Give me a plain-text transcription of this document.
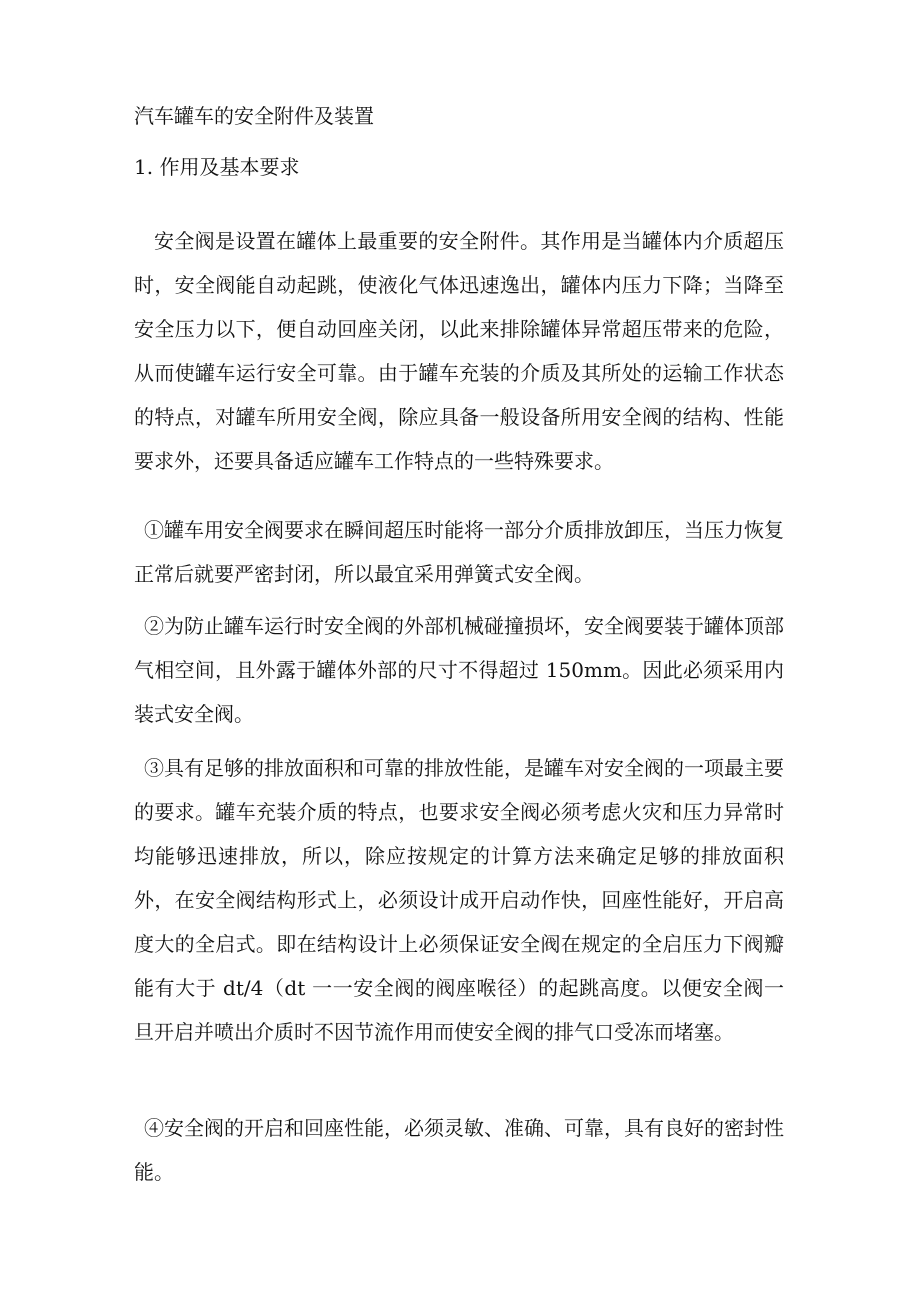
汽车罐车的安全附件及装置
1. 作用及基本要求

安全阀是设置在罐体上最重要的安全附件。其作用是当罐体内介质超压时，安全阀能自动起跳，使液化气体迅速逸出，罐体内压力下降；当降至安全压力以下，便自动回座关闭，以此来排除罐体异常超压带来的危险，从而使罐车运行安全可靠。由于罐车充装的介质及其所处的运输工作状态的特点，对罐车所用安全阀，除应具备一般设备所用安全阀的结构、性能要求外，还要具备适应罐车工作特点的一些特殊要求。

①罐车用安全阀要求在瞬间超压时能将一部分介质排放卸压，当压力恢复正常后就要严密封闭，所以最宜采用弹簧式安全阀。

②为防止罐车运行时安全阀的外部机械碰撞损坏，安全阀要装于罐体顶部气相空间，且外露于罐体外部的尺寸不得超过 150mm。因此必须采用内装式安全阀。

③具有足够的排放面积和可靠的排放性能，是罐车对安全阀的一项最主要的要求。罐车充装介质的特点，也要求安全阀必须考虑火灾和压力异常时均能够迅速排放，所以，除应按规定的计算方法来确定足够的排放面积外，在安全阀结构形式上，必须设计成开启动作快，回座性能好，开启高度大的全启式。即在结构设计上必须保证安全阀在规定的全启压力下阀瓣能有大于 dt/4（dt 一一安全阀的阀座喉径）的起跳高度。以便安全阀一旦开启并喷出介质时不因节流作用而使安全阀的排气口受冻而堵塞。

④安全阀的开启和回座性能，必须灵敏、准确、可靠，具有良好的密封性能。
